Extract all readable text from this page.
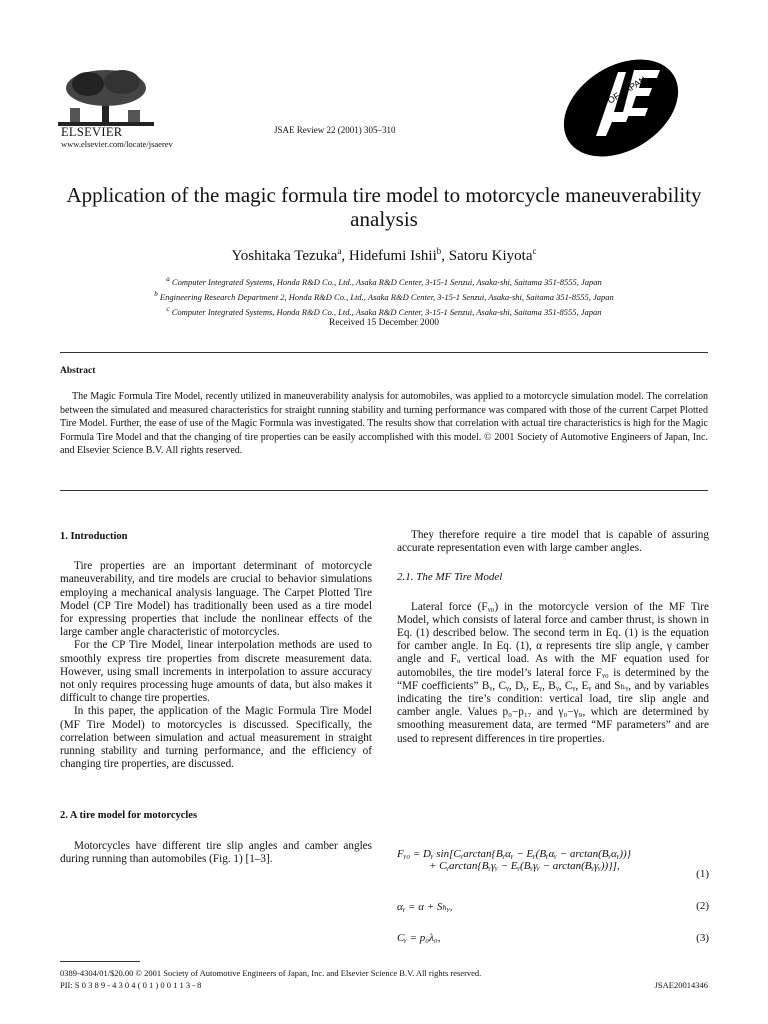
ELSEVIER
www.elsevier.com/locate/jsaerev
JSAE Review 22 (2001) 305–310
OF JAPAN
Application of the magic formula tire model to motorcycle maneuverability analysis
Yoshitaka Tezuka$^a$, Hidefumi Ishii$^b$, Satoru Kiyota$^c$
$^a$ Computer Integrated Systems, Honda R&D Co., Ltd., Asaka R&D Center, 3-15-1 Senzui, Asaka-shi, Saitama 351-8555, Japan
$^b$ Engineering Research Department 2, Honda R&D Co., Ltd., Asaka R&D Center, 3-15-1 Senzui, Asaka-shi, Saitama 351-8555, Japan
$^c$ Computer Integrated Systems, Honda R&D Co., Ltd., Asaka R&D Center, 3-15-1 Senzui, Asaka-shi, Saitama 351-8555, Japan
Received 15 December 2000
Abstract

The Magic Formula Tire Model, recently utilized in maneuverability analysis for automobiles, was applied to a motorcycle simulation model. The correlation between the simulated and measured characteristics for straight running stability and turning performance was compared with those of the current Carpet Plotted Tire Model. Further, the ease of use of the Magic Formula was investigated. The results show that correlation with actual tire characteristics is high for the Magic Formula Tire Model and that the changing of tire properties can be easily accomplished with this model. © 2001 Society of Automotive Engineers of Japan, Inc. and Elsevier Science B.V. All rights reserved.

1. Introduction

Tire properties are an important determinant of motorcycle maneuverability, and tire models are crucial to behavior simulations employing a mechanical analysis language. The Carpet Plotted Tire Model (CP Tire Model) has traditionally been used as a tire model for expressing properties that include the nonlinear effects of the large camber angle characteristic of motorcycles.

For the CP Tire Model, linear interpolation methods are used to smoothly express tire properties from discrete measurement data. However, using small increments in interpolation to assure accuracy not only requires processing huge amounts of data, but also makes it difficult to change tire properties.

In this paper, the application of the Magic Formula Tire Model (MF Tire Model) to motorcycles is discussed. Specifically, the correlation between simulation and actual measurement in straight running stability and turning performance, and the efficiency of changing tire properties, are discussed.

2. A tire model for motorcycles

Motorcycles have different tire slip angles and camber angles during running than automobiles (Fig. 1) [1–3].

They therefore require a tire model that is capable of assuring accurate representation even with large camber angles.

2.1. The MF Tire Model

Lateral force (Fᵧ₀) in the motorcycle version of the MF Tire Model, which consists of lateral force and camber thrust, is shown in Eq. (1) described below. The second term in Eq. (1) is the equation for camber angle. In Eq. (1), α represents tire slip angle, γ camber angle and Fᵤ vertical load. As with the MF equation used for automobiles, the tire model’s lateral force Fᵧ₀ is determined by the “MF coefficients” Bᵧ, Cᵧ, Dᵧ, Eᵧ, Bᵧ, Cᵧ, Eᵧ and Sₕᵧ, and by variables indicating the tire’s condition: vertical load, tire slip angle and camber angle. Values p₀−p₁₇ and γ₀−γ₉, which are determined by smoothing measurement data, are termed “MF parameters” and are used to represent differences in tire properties.

Fᵧ₀ = Dᵧ sin[Cᵧarctan{Bᵧαᵧ − Eᵧ(Bᵧαᵧ − arctan(Bᵧαᵧ))}
+ Cᵧarctan{Bᵧγᵧ − Eᵧ(Bᵧγᵧ − arctan(Bᵧγᵧ))}],
(1)
αᵧ = α + Sₕᵧ,	(2)
Cᵧ = p₀λ₀,	(3)
0389-4304/01/$20.00 © 2001 Society of Automotive Engineers of Japan, Inc. and Elsevier Science B.V. All rights reserved.
PII: S 0 3 8 9 - 4 3 0 4 ( 0 1 ) 0 0 1 1 3 - 8	JSAE20014346
